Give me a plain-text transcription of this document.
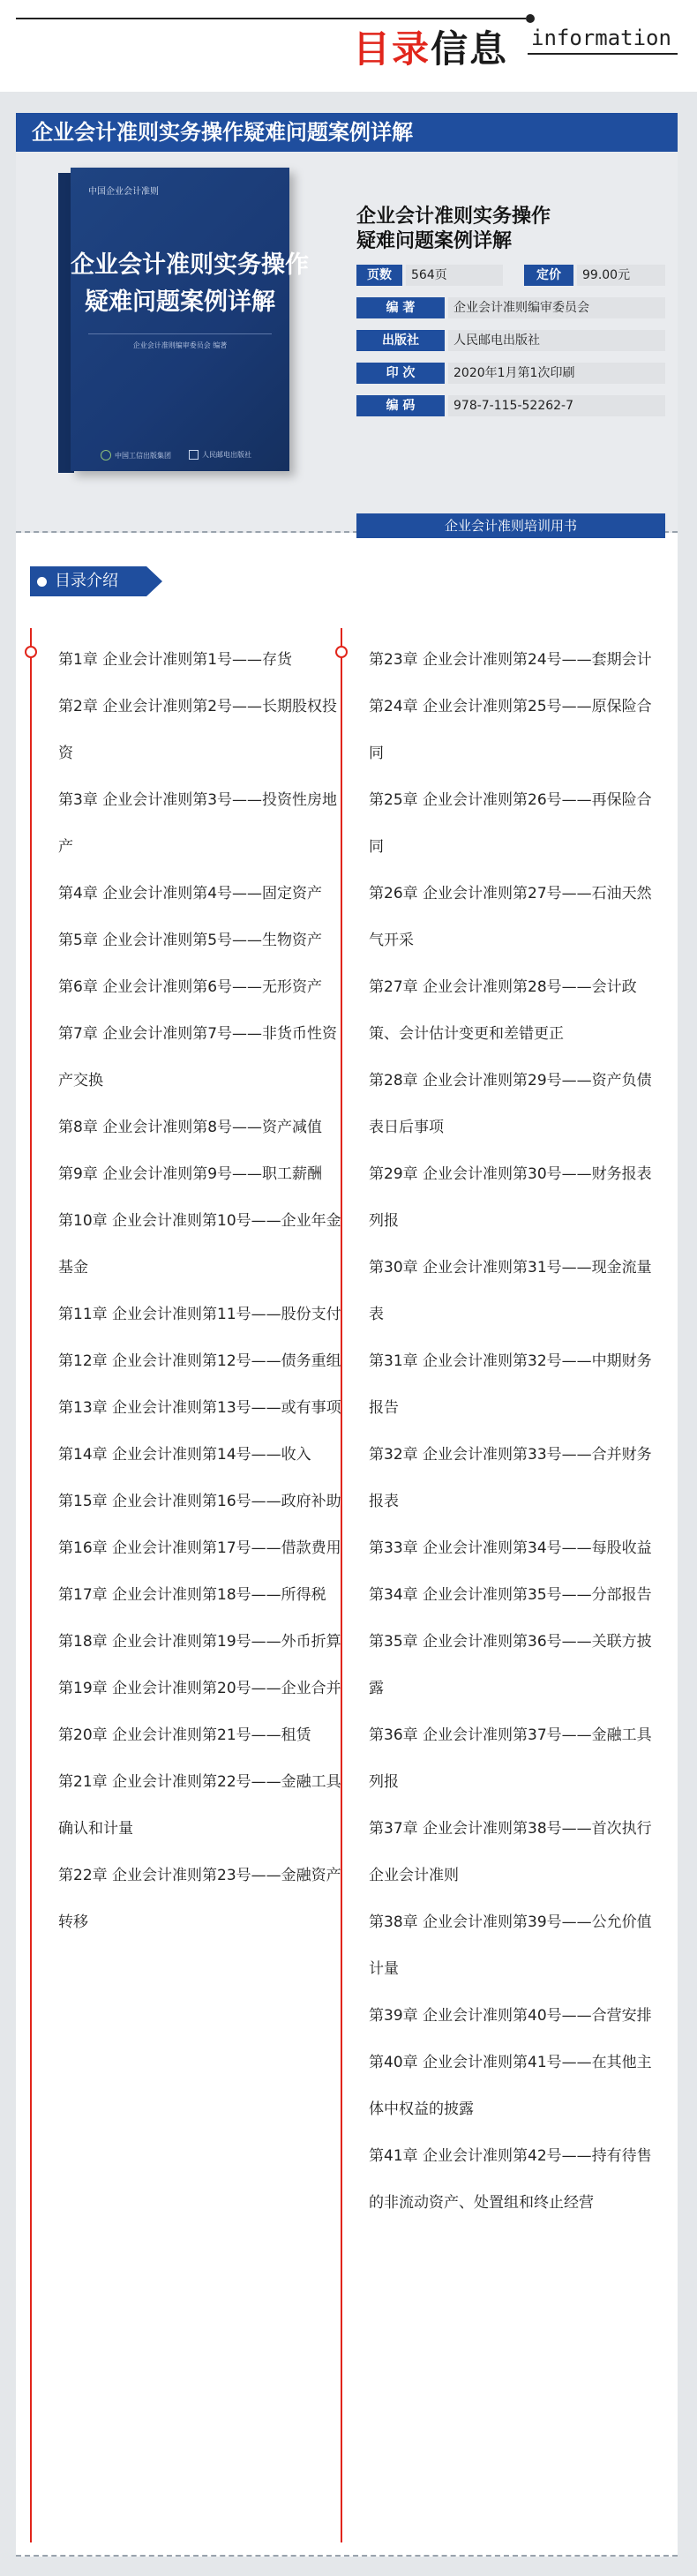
目录信息 information
企业会计准则实务操作疑难问题案例详解
中国企业会计准则
企业会计准则实务操作
疑难问题案例详解
企业会计准则编审委员会 编著
中国工信出版集团	人民邮电出版社
企业会计准则实务操作
疑难问题案例详解
页数	564页	定价	99.00元
编 著	企业会计准则编审委员会
出版社	人民邮电出版社
印 次	2020年1月第1次印刷
编 码	978-7-115-52262-7
企业会计准则培训用书
目录介绍
第1章 企业会计准则第1号——存货
第2章 企业会计准则第2号——长期股权投资
第3章 企业会计准则第3号——投资性房地产
第4章 企业会计准则第4号——固定资产
第5章 企业会计准则第5号——生物资产
第6章 企业会计准则第6号——无形资产
第7章 企业会计准则第7号——非货币性资产交换
第8章 企业会计准则第8号——资产减值
第9章 企业会计准则第9号——职工薪酬
第10章 企业会计准则第10号——企业年金基金
第11章 企业会计准则第11号——股份支付
第12章 企业会计准则第12号——债务重组
第13章 企业会计准则第13号——或有事项
第14章 企业会计准则第14号——收入
第15章 企业会计准则第16号——政府补助
第16章 企业会计准则第17号——借款费用
第17章 企业会计准则第18号——所得税
第18章 企业会计准则第19号——外币折算
第19章 企业会计准则第20号——企业合并
第20章 企业会计准则第21号——租赁
第21章 企业会计准则第22号——金融工具确认和计量
第22章 企业会计准则第23号——金融资产转移
第23章 企业会计准则第24号——套期会计
第24章 企业会计准则第25号——原保险合同
第25章 企业会计准则第26号——再保险合同
第26章 企业会计准则第27号——石油天然气开采
第27章 企业会计准则第28号——会计政策、会计估计变更和差错更正
第28章 企业会计准则第29号——资产负债表日后事项
第29章 企业会计准则第30号——财务报表列报
第30章 企业会计准则第31号——现金流量表
第31章 企业会计准则第32号——中期财务报告
第32章 企业会计准则第33号——合并财务报表
第33章 企业会计准则第34号——每股收益
第34章 企业会计准则第35号——分部报告
第35章 企业会计准则第36号——关联方披露
第36章 企业会计准则第37号——金融工具列报
第37章 企业会计准则第38号——首次执行企业会计准则
第38章 企业会计准则第39号——公允价值计量
第39章 企业会计准则第40号——合营安排
第40章 企业会计准则第41号——在其他主体中权益的披露
第41章 企业会计准则第42号——持有待售的非流动资产、处置组和终止经营
